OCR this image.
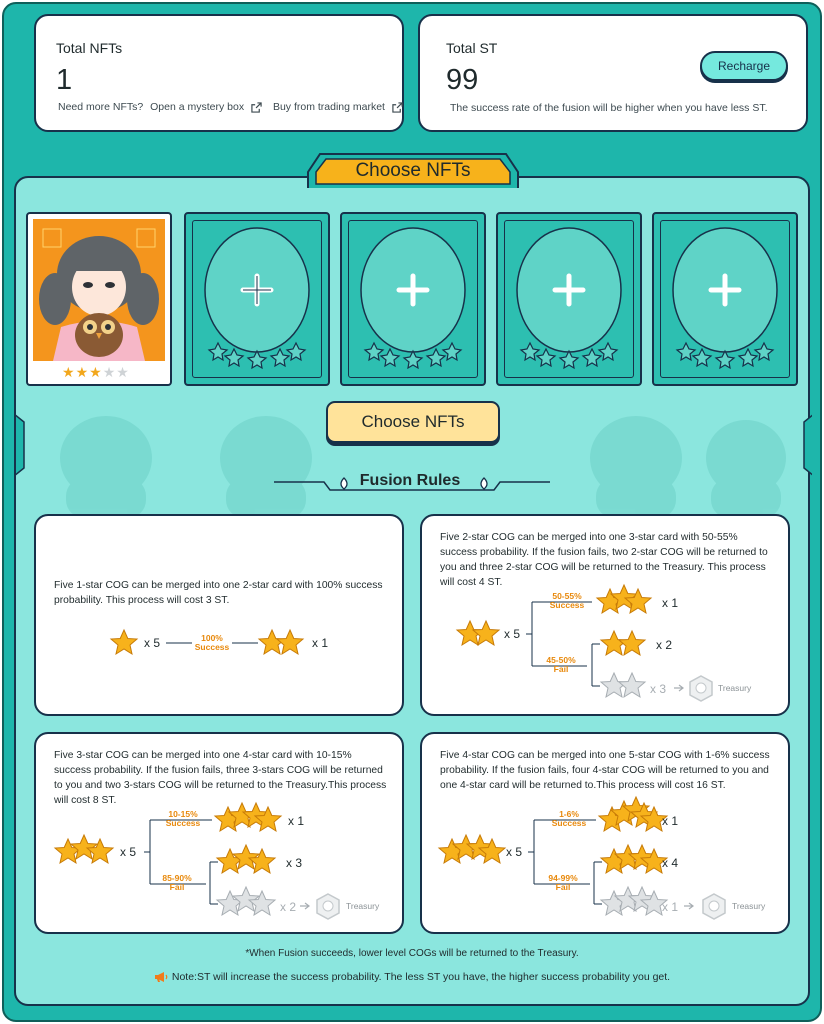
Total NFTs
1
Need more NFTs? Open a mystery box	Buy from trading market
Total ST
99	Recharge
The success rate of the fusion will be higher when you have less ST.
Choose NFTs
★★★★★
Choose NFTs
Fusion Rules
Five 1-star COG can be merged into one 2-star card with 100% success probability. This process will cost 3 ST.
x 5	100%
Success	x 1
Five 2-star COG can be merged into one 3-star card with 50-55% success probability. If the fusion fails, two 2-star COG will be returned to you and three 2-star COG will be returned to the Treasury. This process will cost 4 ST.
x 5
50-55%
Success
45-50%
Fail
x 1
x 2
x 3	Treasury
Five 3-star COG can be merged into one 4-star card with 10-15% success probability. If the fusion fails, three 3-stars COG will be returned to you and two 3-stars COG will be returned to the Treasury.This process will cost 8 ST.
x 5
10-15%
Success
85-90%
Fail
x 1
x 3
x 2	Treasury
Five 4-star COG can be merged into one 5-star COG with 1-6% success probability. If the fusion fails, four 4-star COG will be returned to you and one 4-star card will be returned to.This process will cost 16 ST.
x 5
1-6%
Success
94-99%
Fail
x 1
x 4
x 1	Treasury
*When Fusion succeeds, lower level COGs will be returned to the Treasury.
Note:ST will increase the success probability. The less ST you have, the higher success probability you get.
